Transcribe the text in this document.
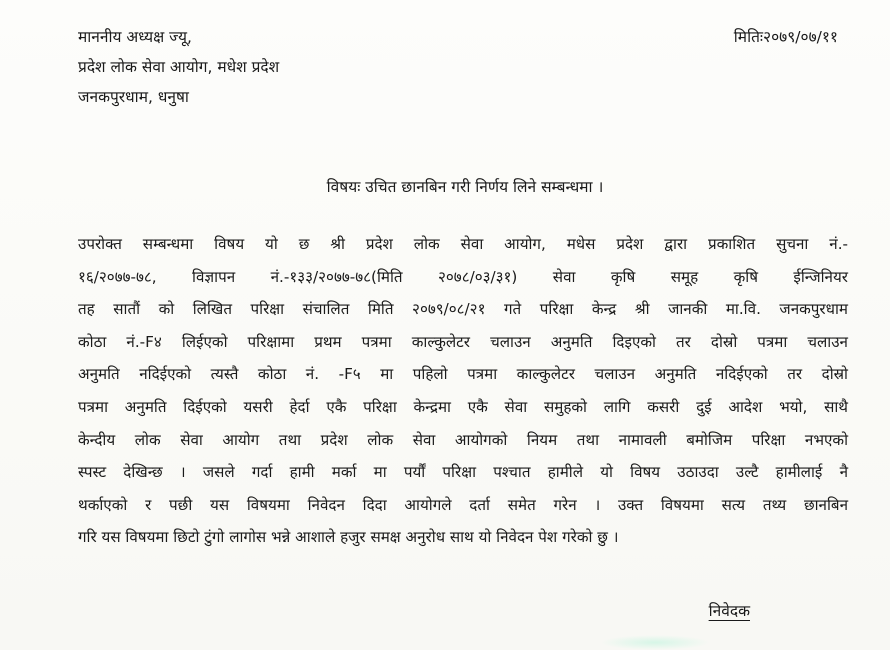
माननीय अध्यक्ष ज्यू,
प्रदेश लोक सेवा आयोग, मधेश प्रदेश
जनकपुरधाम, धनुषा
मितिः२०७९/०७/११
विषयः उचित छानबिन गरी निर्णय लिने सम्बन्धमा ।
उपरोक्त सम्बन्धमा विषय यो छ श्री प्रदेश लोक सेवा आयोग, मधेस प्रदेश द्वारा प्रकाशित सुचना नं.-
१६/२०७७-७८, विज्ञापन नं.-१३३/२०७७-७८(मिति २०७८/०३/३१) सेवा कृषि समूह कृषि ईन्जिनियर
तह सातौं को लिखित परिक्षा संचालित मिति २०७९/०८/२१ गते परिक्षा केन्द्र श्री जानकी मा.वि. जनकपुरधाम
कोठा नं.-F४ लिईएको परिक्षामा प्रथम पत्रमा काल्कुलेटर चलाउन अनुमति दिइएको तर दोस्रो पत्रमा चलाउन
अनुमति नदिईएको त्यस्तै कोठा नं. -F५ मा पहिलो पत्रमा काल्कुलेटर चलाउन अनुमति नदिईएको तर दोस्रो
पत्रमा अनुमति दिईएको यसरी हेर्दा एकै परिक्षा केन्द्रमा एकै सेवा समुहको लागि कसरी दुई आदेश भयो, साथै
केन्दीय लोक सेवा आयोग तथा प्रदेश लोक सेवा आयोगको नियम तथा नामावली बमोजिम परिक्षा नभएको
स्पस्ट देखिन्छ । जसले गर्दा हामी मर्का मा पर्यौं परिक्षा पश्चात हामीले यो विषय उठाउदा उल्टै हामीलाई नै
थर्काएको र पछी यस विषयमा निवेदन दिदा आयोगले दर्ता समेत गरेन । उक्त विषयमा सत्य तथ्य छानबिन
गरि यस विषयमा छिटो टुंगो लागोस भन्ने आशाले हजुर समक्ष अनुरोध साथ यो निवेदन पेश गरेको छु ।
निवेदक
